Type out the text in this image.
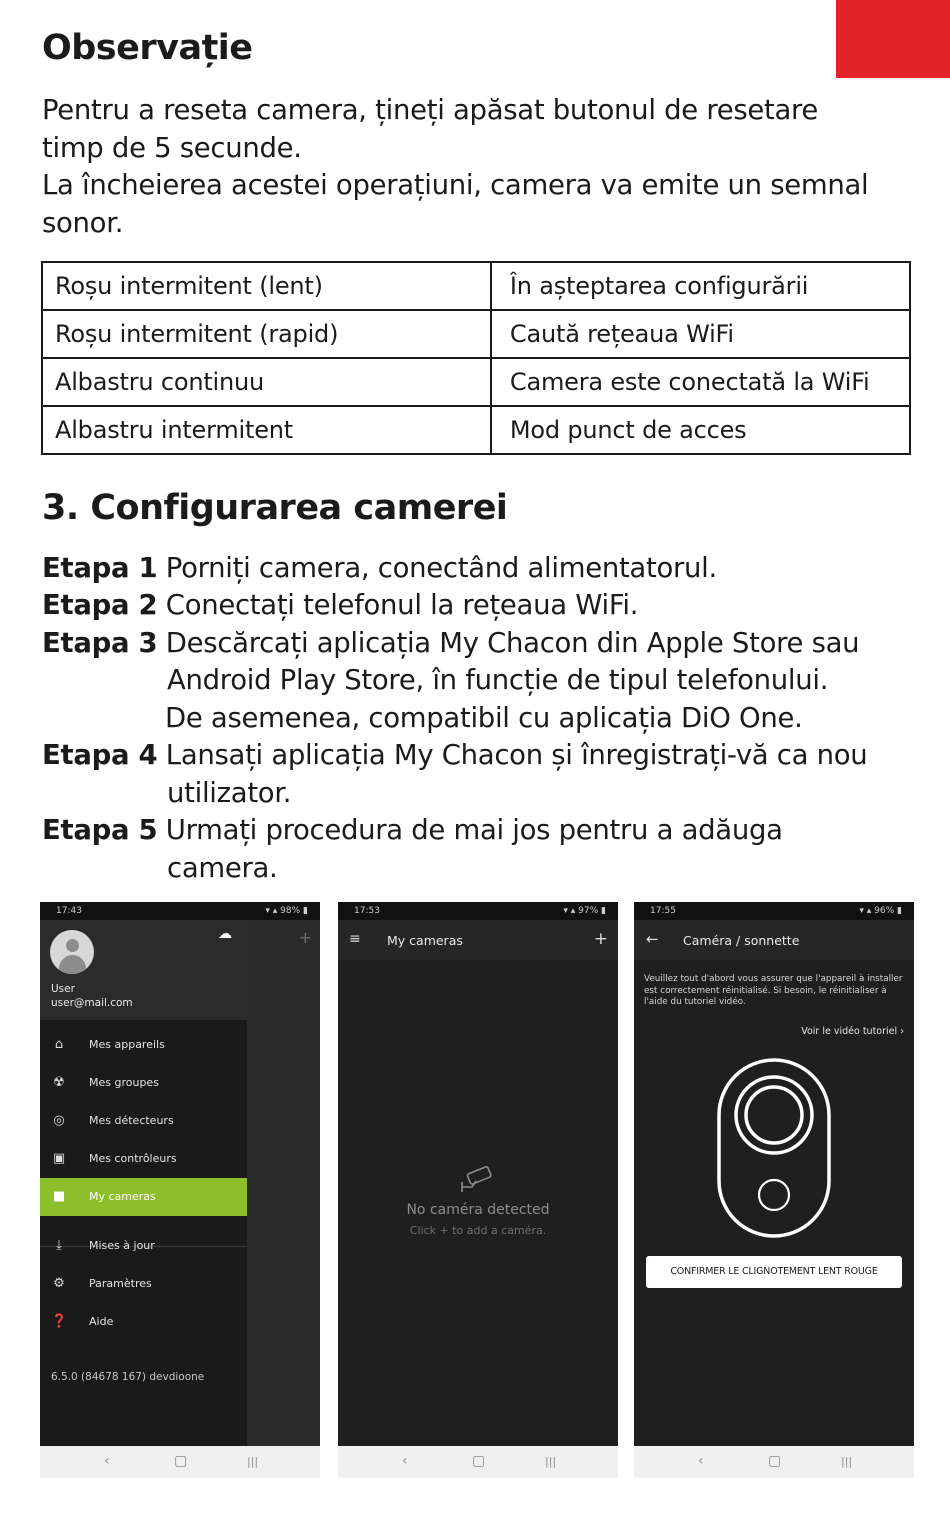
Observație

Pentru a reseta camera, țineți apăsat butonul de resetare

timp de 5 secunde.

La încheierea acestei operațiuni, camera va emite un semnal

sonor.

Roșu intermitent (lent)	În așteptarea configurării
Roșu intermitent (rapid)	Caută rețeaua WiFi
Albastru continuu	Camera este conectată la WiFi
Albastru intermitent	Mod punct de acces
3. Configurarea camerei

Etapa 1 Porniți camera, conectând alimentatorul.

Etapa 2 Conectați telefonul la rețeaua WiFi.

Etapa 3 Descărcați aplicația My Chacon din Apple Store sau

Android Play Store, în funcție de tipul telefonului.

De asemenea, compatibil cu aplicația DiO One.

Etapa 4 Lansați aplicația My Chacon și înregistrați-vă ca nou

utilizator.

Etapa 5 Urmați procedura de mai jos pentru a adăuga

camera.

17:43	▾ ▴ 98% ▮
+
☁
User
user@mail.com
⌂	Mes appareils
☢ Mes groupes
◎ Mes détecteurs
▣ Mes contrôleurs
■ My cameras
⤓	Mises à jour
⚙ Paramètres
❓ Aide
6.5.0 (84678 167) devdioone
‹	▢	|||
17:53	▾ ▴ 97% ▮
≡ My cameras	+
No caméra detected
Click + to add a caméra.
‹	▢	|||
17:55	▾ ▴ 96% ▮
← Caméra / sonnette
Veuillez tout d'abord vous assurer que l'appareil à installer est correctement réinitialisé. Si besoin, le réinitialiser à l'aide du tutoriel vidéo.
Voir le vidéo tutoriel ›
CONFIRMER LE CLIGNOTEMENT LENT ROUGE
‹	▢	|||
